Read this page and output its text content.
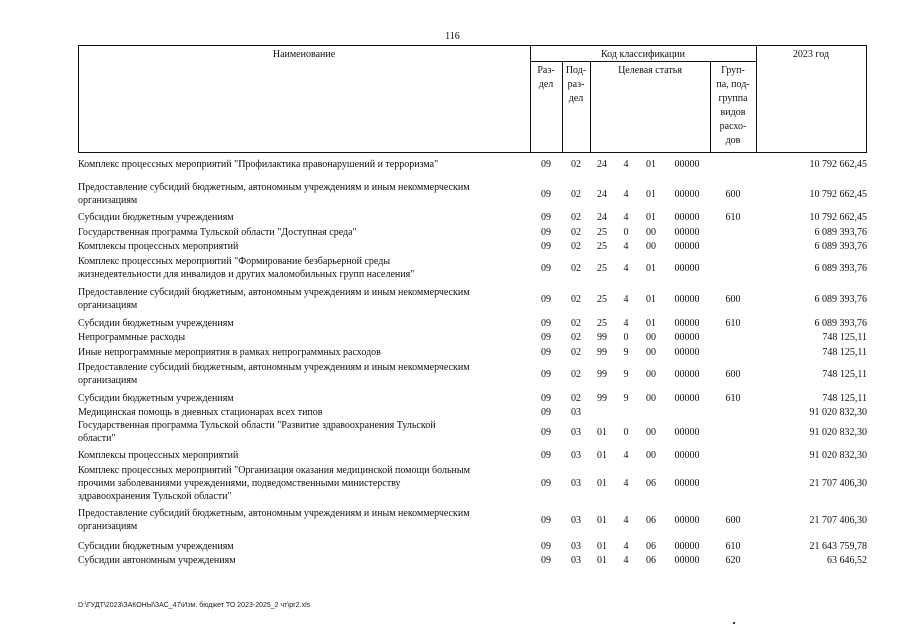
116
Наименование	Код классификации	2023 год
Раз-
дел
Под-
раз-
дел
Целевая статья	Груп-
па, под-
группа
видов
расхо-
дов
Комплекс процессных мероприятий "Профилактика правонарушений и терроризма"	09	02	24	4	01	00000	10 792 662,45
Предоставление субсидий бюджетным, автономным учреждениям и иным некоммерческим
организациям
09	02	24	4	01	00000	600	10 792 662,45
Субсидии бюджетным учреждениям	09	02	24	4	01	00000	610	10 792 662,45
Государственная программа Тульской области "Доступная среда"	09	02	25	0	00	00000	6 089 393,76
Комплексы процессных мероприятий	09	02	25	4	00	00000	6 089 393,76
Комплекс процессных мероприятий "Формирование безбарьерной среды
жизнедеятельности для инвалидов и других маломобильных групп населения"
09	02	25	4	01	00000	6 089 393,76
Предоставление субсидий бюджетным, автономным учреждениям и иным некоммерческим
организациям
09	02	25	4	01	00000	600	6 089 393,76
Субсидии бюджетным учреждениям	09	02	25	4	01	00000	610	6 089 393,76
Непрограммные расходы	09	02	99	0	00	00000	748 125,11
Иные непрограммные мероприятия в рамках непрограммных расходов	09	02	99	9	00	00000	748 125,11
Предоставление субсидий бюджетным, автономным учреждениям и иным некоммерческим
организациям
09	02	99	9	00	00000	600	748 125,11
Субсидии бюджетным учреждениям	09	02	99	9	00	00000	610	748 125,11
Медицинская помощь в дневных стационарах всех типов	09	03	91 020 832,30
Государственная программа Тульской области "Развитие здравоохранения Тульской
области"
09	03	01	0	00	00000	91 020 832,30
Комплексы процессных мероприятий	09	03	01	4	00	00000	91 020 832,30
Комплекс процессных мероприятий "Организация оказания медицинской помощи больным
прочими заболеваниями учреждениями, подведомственными министерству
здравоохранения Тульской области"
09	03	01	4	06	00000	21 707 406,30
Предоставление субсидий бюджетным, автономным учреждениям и иным некоммерческим
организациям
09	03	01	4	06	00000	600	21 707 406,30
Субсидии бюджетным учреждениям	09	03	01	4	06	00000	610	21 643 759,78
Субсидии автономным учреждениям	09	03	01	4	06	00000	620	63 646,52
D:\ГУДТ\2023\ЗАКОНЫ\ЗАС_47\Изм. бюджет ТО 2023-2025_2 чт\рг2.xls
